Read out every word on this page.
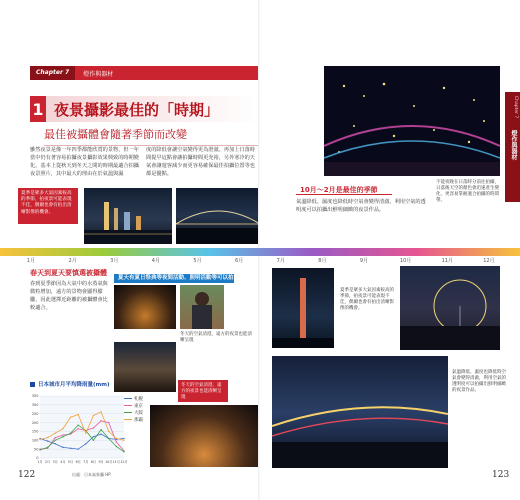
Chapter 7	燈作與器材
1 夜景攝影最佳的「時期」
最佳被攝體會隨著季節而改變
雖然夜景是像一年四季都能欣賞的景物，但一年當中仍有著容易拍攝夜景攝影效果興致的時期變化。基本上從秋天到冬天之間的時期最適合拍攝夜景照片，其中最大的理由在於氣溫與濕
度的降低會讓空氣變得更為澄澈。再加上日落時間提早這點會讓拍攝時間更充裕，另外寒冷的天氣會讓遊客減少而更容易確保最佳拍攝位置等也都是優點。
夏季是眾多大氣因素較高的季節，拍夜景可能表現不佳，偶爾也會有拍出清晰影像的機會。
春天到夏天要慎選被攝體
春到夏季節因為大氣中的水蒸氣與微粒增加，遠方的景物會顯得朦朧，因此選擇近距離的被攝體會比較適合。
夏天有夏日祭典等夜間活動、照明活動等可以拍
冬天的空氣清澄，遠方的夜景也能清晰呈現
冬天的空氣清澄，遠方的夜景也能清晰呈現
日本城市月平均降雨量(mm)
0
50
100
150
200
250
300
350
1月 2月 3月 4月 5月 6月 7月 8月 9月 10月 11月 12月
出處：日本氣象廳 HP
札幌
東京
大阪
那霸
122
不能夜晚在日落時分前往拍攝，日落後天空的顏色會迅速產生變化，更容易掌握適合拍攝的時間帶。
10月～2月是最佳的季節
氣溫降低、濕度也降低時空氣會變得清澈，利用空氣的透明度可以拍攝出鮮明細緻的夜景作品。
夏季是眾多大氣因素較高的季節，拍夜景可能表現不佳，偶爾也會有拍出清晰影像的機會。
氣溫降低、濕度也降低時空氣會變得清澈，利用空氣的透明度可以拍攝出鮮明細緻的夜景作品。
123
Chapter 7
燈作與器材
1月	2月	3月	4月	5月	6月	7月	8月	9月	10月	11月	12月
